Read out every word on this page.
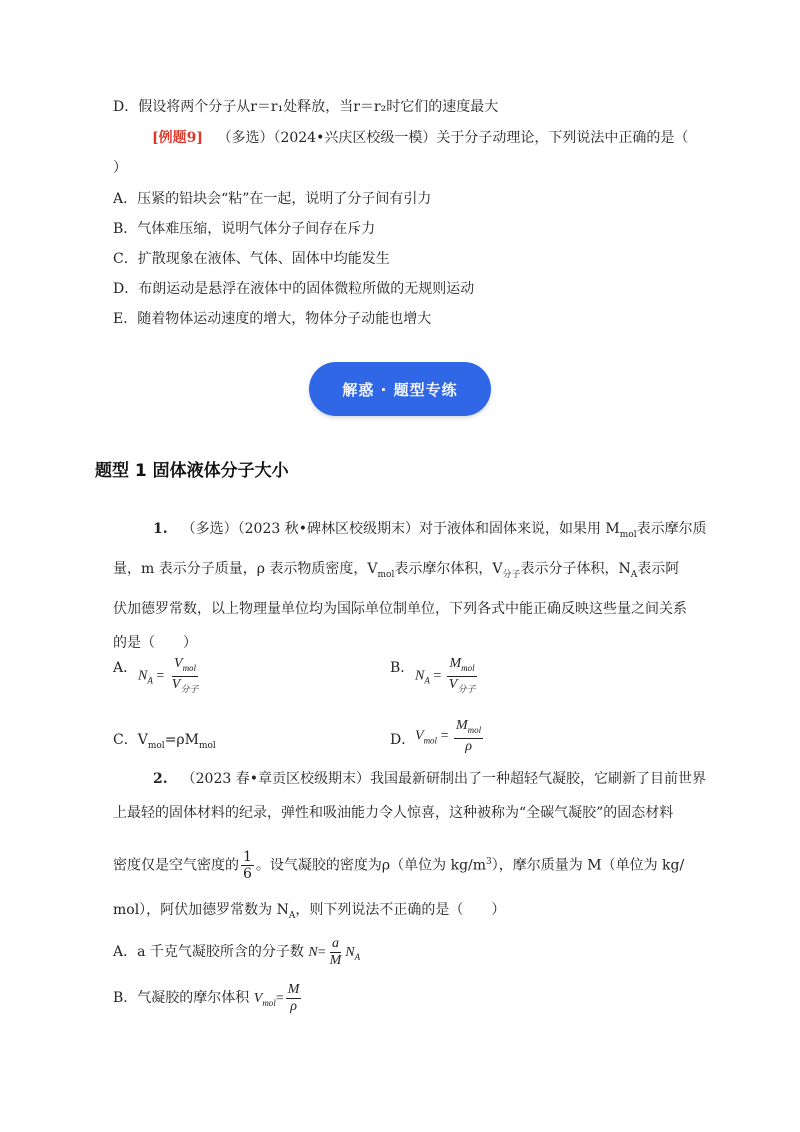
D．假设将两个分子从r＝r₁处释放，当r＝r₂时它们的速度最大
[例题9] （多选）（2024•兴庆区校级一模）关于分子动理论，下列说法中正确的是（
）
A．压紧的铅块会“粘”在一起，说明了分子间有引力
B．气体难压缩，说明气体分子间存在斥力
C．扩散现象在液体、气体、固体中均能发生
D．布朗运动是悬浮在液体中的固体微粒所做的无规则运动
E．随着物体运动速度的增大，物体分子动能也增大
解惑 · 题型专练
题型 1 固体液体分子大小
1. （多选）（2023 秋•碑林区校级期末）对于液体和固体来说，如果用 $M_{mol}$表示摩尔质
量，m 表示分子质量，ρ 表示物质密度，$V_{mol}$表示摩尔体积，$V_{分子}$表示分子体积，$N_A$表示阿
伏加德罗常数，以上物理量单位均为国际单位制单位，下列各式中能正确反映这些量之间关系
的是（　　）
A．
$N_A = \frac{V_{mol}}{V_{分子}}$	B．
$N_A = \frac{M_{mol}}{V_{分子}}$
C．$V_{mol}=\rho M_{mol}$	D． $V_{mol} = \frac{M_{mol}}{\rho}$
2. （2023 春•章贡区校级期末）我国最新研制出了一种超轻气凝胶，它刷新了目前世界
上最轻的固体材料的纪录，弹性和吸油能力令人惊喜，这种被称为“全碳气凝胶”的固态材料
密度仅是空气密度的 $\frac{1}{6}$ 。设气凝胶的密度为ρ（单位为 $kg/m^3$），摩尔质量为 M（单位为 kg/
mol），阿伏加德罗常数为 $N_A$，则下列说法不正确的是（　　）
A．a 千克气凝胶所含的分子数 $N= \frac{a}{M} N_A$
B．气凝胶的摩尔体积 $V_{mol}= \frac{M}{\rho}$
